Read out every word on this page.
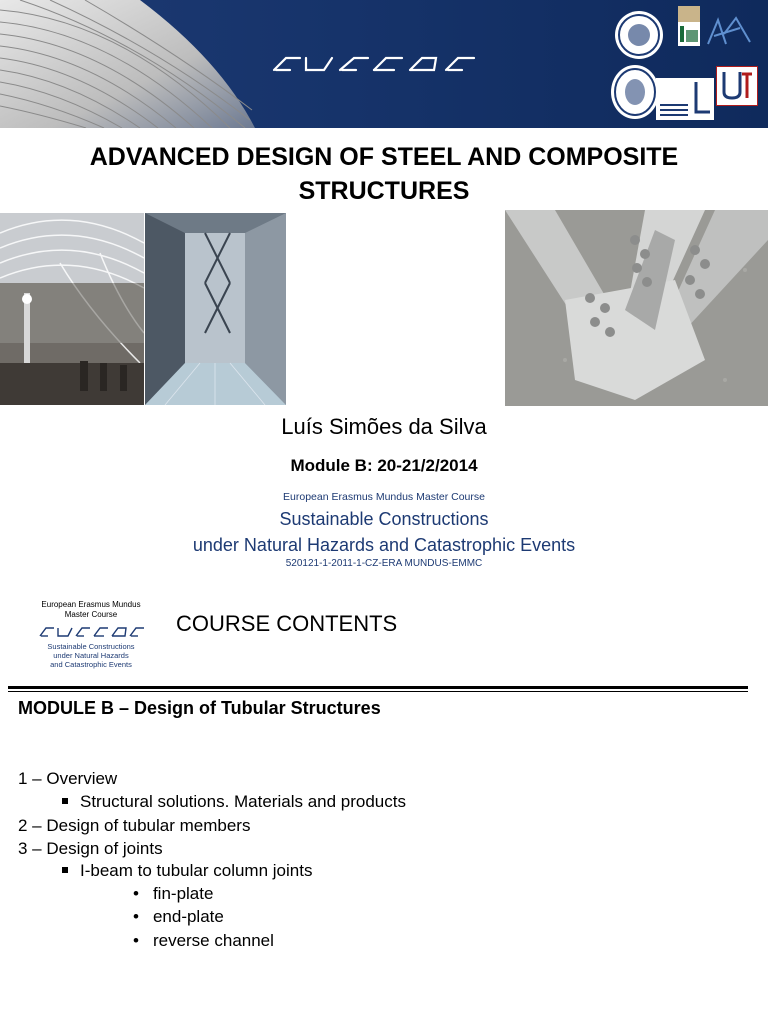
ADVANCED DESIGN OF STEEL AND COMPOSITE
STRUCTURES
Luís Simões da Silva
Module B: 20-21/2/2014
European Erasmus Mundus Master Course
Sustainable Constructions
under Natural Hazards and Catastrophic Events
520121-1-2011-1-CZ-ERA MUNDUS-EMMC
European Erasmus Mundus
Master Course
Sustainable Constructions
under Natural Hazards
and Catastrophic Events
COURSE CONTENTS
MODULE B – Design of Tubular Structures
1 – Overview
Structural solutions. Materials and products
2 – Design of tubular members
3 – Design of joints
I-beam to tubular column joints
• fin-plate
• end-plate
• reverse channel
